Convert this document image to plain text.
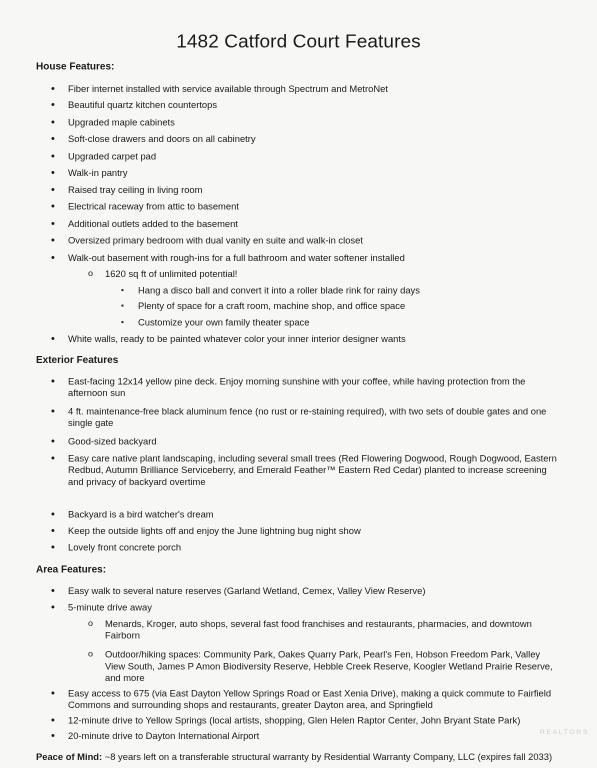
1482 Catford Court Features
House Features:
• Fiber internet installed with service available through Spectrum and MetroNet
• Beautiful quartz kitchen countertops
• Upgraded maple cabinets
• Soft-close drawers and doors on all cabinetry
• Upgraded carpet pad
• Walk-in pantry
• Raised tray ceiling in living room
• Electrical raceway from attic to basement
• Additional outlets added to the basement
• Oversized primary bedroom with dual vanity en suite and walk-in closet
• Walk-out basement with rough-ins for a full bathroom and water softener installed
o 1620 sq ft of unlimited potential!
▪ Hang a disco ball and convert it into a roller blade rink for rainy days
▪ Plenty of space for a craft room, machine shop, and office space
▪ Customize your own family theater space
• White walls, ready to be painted whatever color your inner interior designer wants
Exterior Features
• East-facing 12x14 yellow pine deck. Enjoy morning sunshine with your coffee, while having protection from the afternoon sun
• 4 ft. maintenance-free black aluminum fence (no rust or re-staining required), with two sets of double gates and one single gate
• Good-sized backyard
• Easy care native plant landscaping, including several small trees (Red Flowering Dogwood, Rough Dogwood, Eastern Redbud, Autumn Brilliance Serviceberry, and Emerald Feather™ Eastern Red Cedar) planted to increase screening and privacy of backyard overtime
• Backyard is a bird watcher's dream
• Keep the outside lights off and enjoy the June lightning bug night show
• Lovely front concrete porch
Area Features:
• Easy walk to several nature reserves (Garland Wetland, Cemex, Valley View Reserve)
• 5-minute drive away
o Menards, Kroger, auto shops, several fast food franchises and restaurants, pharmacies, and downtown Fairborn
o Outdoor/hiking spaces: Community Park, Oakes Quarry Park, Pearl's Fen, Hobson Freedom Park, Valley View South, James P Amon Biodiversity Reserve, Hebble Creek Reserve, Koogler Wetland Prairie Reserve, and more
• Easy access to 675 (via East Dayton Yellow Springs Road or East Xenia Drive), making a quick commute to Fairfield Commons and surrounding shops and restaurants, greater Dayton area, and Springfield
• 12-minute drive to Yellow Springs (local artists, shopping, Glen Helen Raptor Center, John Bryant State Park)
• 20-minute drive to Dayton International Airport
Peace of Mind: ~8 years left on a transferable structural warranty by Residential Warranty Company, LLC (expires fall 2033)
REALTORS
